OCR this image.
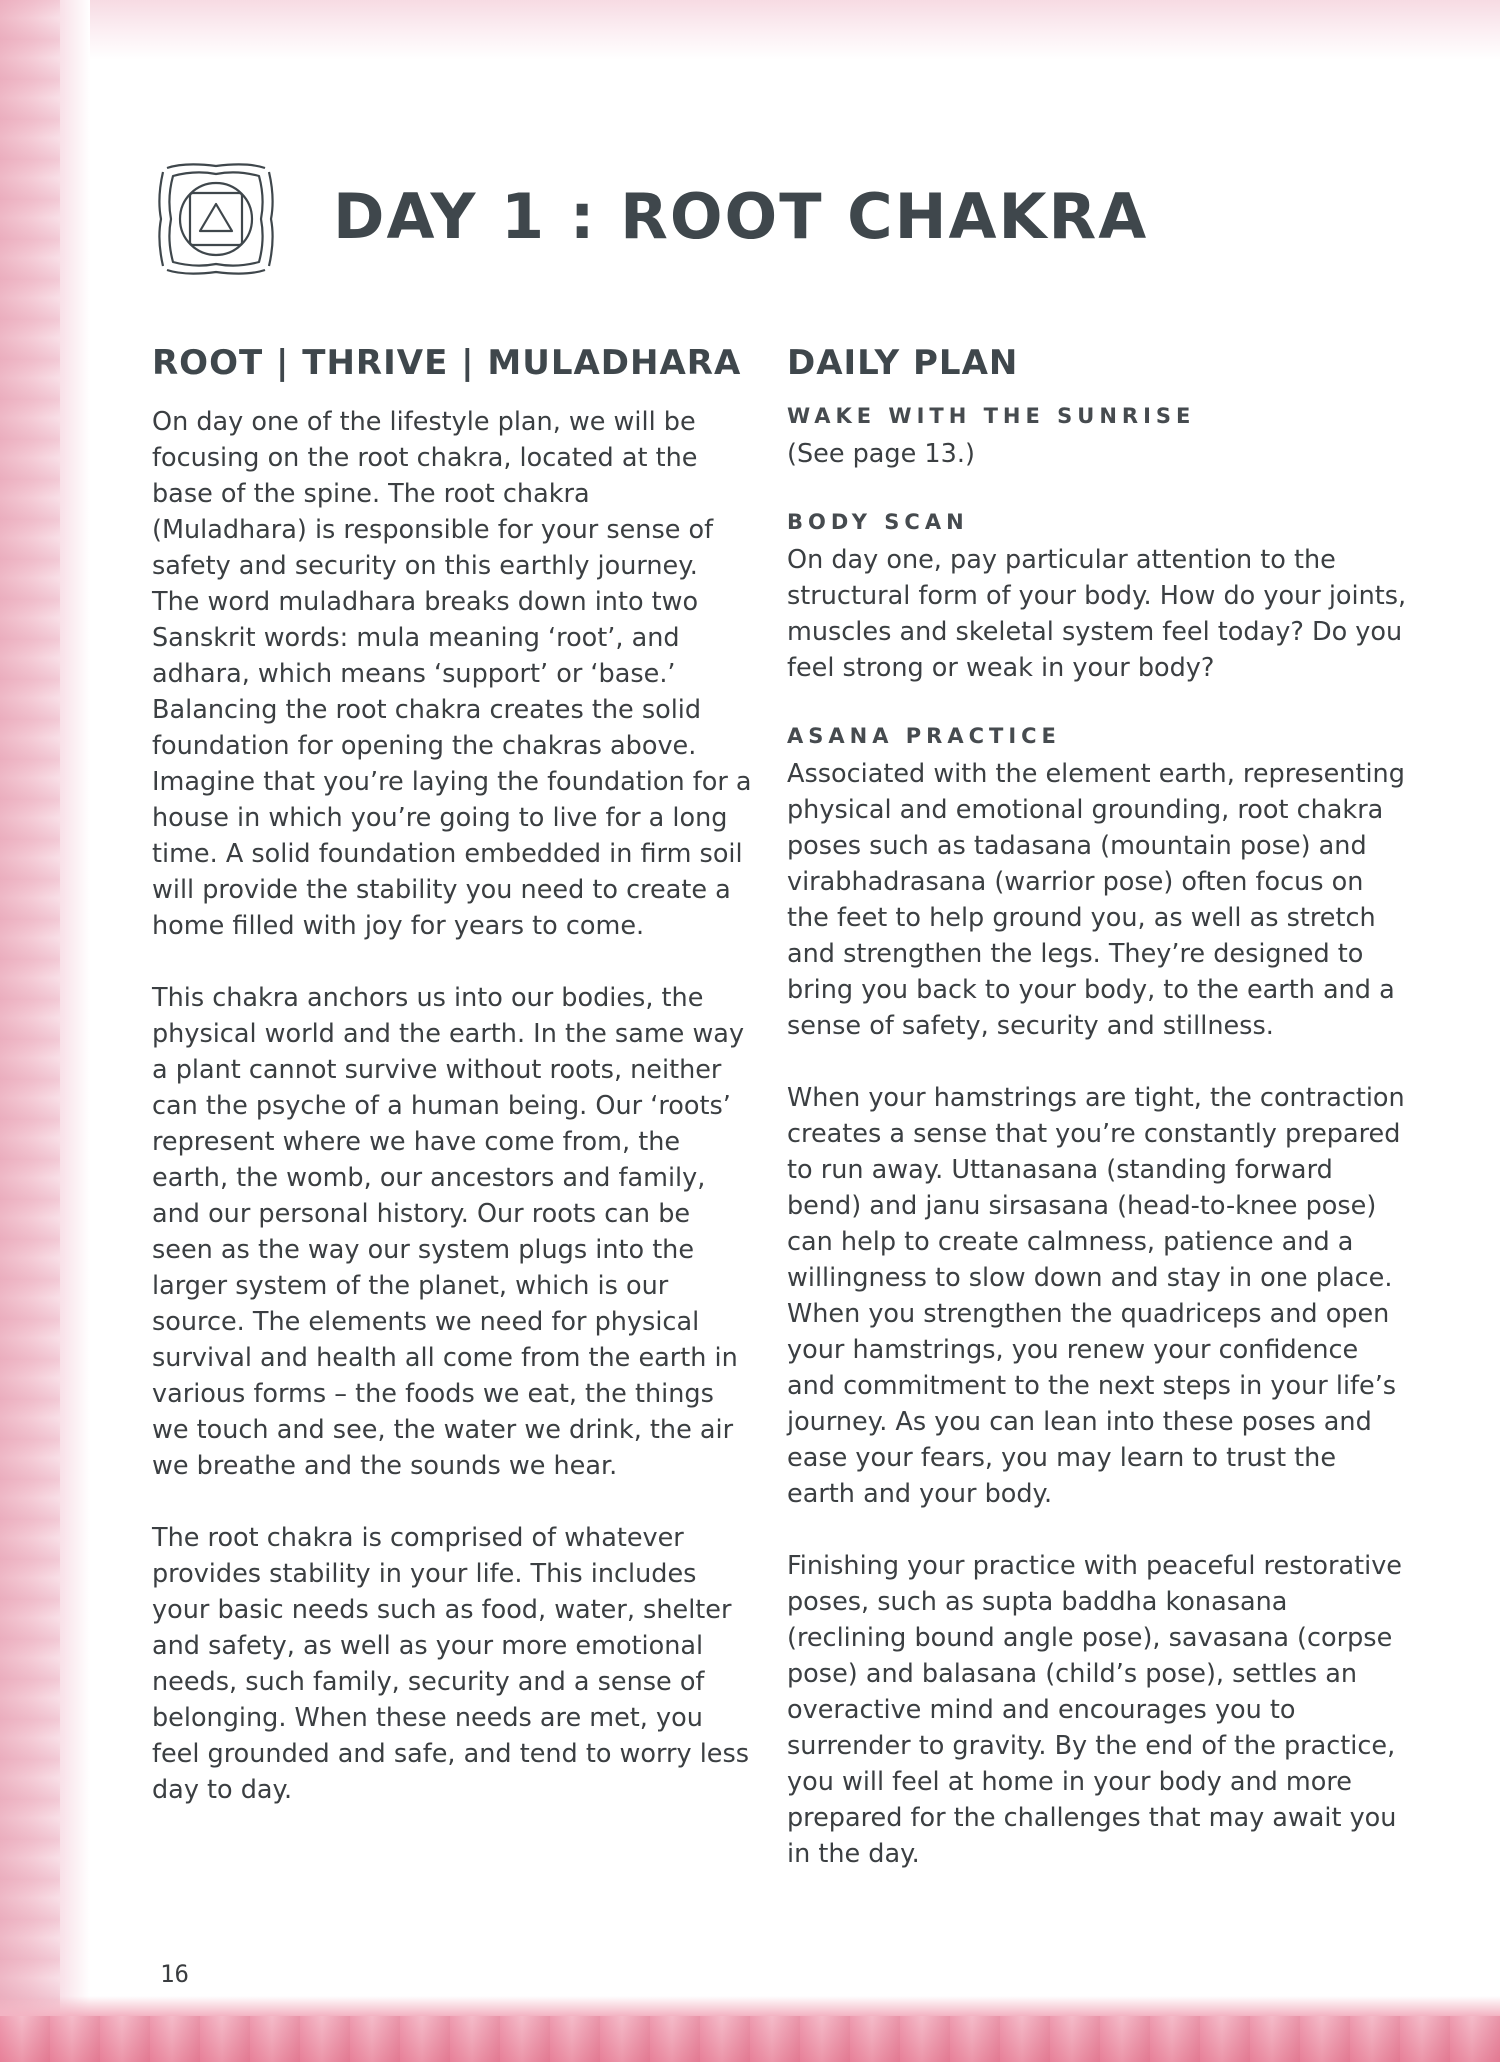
DAY 1 : ROOT CHAKRA
ROOT | THRIVE | MULADHARA

On day one of the lifestyle plan, we will be focusing on the root chakra, located at the base of the spine. The root chakra (Muladhara) is responsible for your sense of safety and security on this earthly journey. The word muladhara breaks down into two Sanskrit words: mula meaning ‘root’, and adhara, which means ‘support’ or ‘base.’ Balancing the root chakra creates the solid foundation for opening the chakras above. Imagine that you’re laying the foundation for a house in which you’re going to live for a long time. A solid foundation embedded in firm soil will provide the stability you need to create a home filled with joy for years to come.

This chakra anchors us into our bodies, the physical world and the earth. In the same way a plant cannot survive without roots, neither can the psyche of a human being. Our ‘roots’ represent where we have come from, the earth, the womb, our ancestors and family, and our personal history. Our roots can be seen as the way our system plugs into the larger system of the planet, which is our source. The elements we need for physical survival and health all come from the earth in various forms – the foods we eat, the things we touch and see, the water we drink, the air we breathe and the sounds we hear.

The root chakra is comprised of whatever provides stability in your life. This includes your basic needs such as food, water, shelter and safety, as well as your more emotional needs, such family, security and a sense of belonging. When these needs are met, you feel grounded and safe, and tend to worry less day to day.

DAILY PLAN
WAKE WITH THE SUNRISE

(See page 13.)

BODY SCAN

On day one, pay particular attention to the structural form of your body. How do your joints, muscles and skeletal system feel today? Do you feel strong or weak in your body?

ASANA PRACTICE

Associated with the element earth, representing physical and emotional grounding, root chakra poses such as tadasana (mountain pose) and virabhadrasana (warrior pose) often focus on the feet to help ground you, as well as stretch and strengthen the legs. They’re designed to bring you back to your body, to the earth and a sense of safety, security and stillness.

When your hamstrings are tight, the contraction creates a sense that you’re constantly prepared to run away. Uttanasana (standing forward bend) and janu sirsasana (head-to-knee pose) can help to create calmness, patience and a willingness to slow down and stay in one place. When you strengthen the quadriceps and open your hamstrings, you renew your confidence and commitment to the next steps in your life’s journey. As you can lean into these poses and ease your fears, you may learn to trust the earth and your body.

Finishing your practice with peaceful restorative poses, such as supta baddha konasana (reclining bound angle pose), savasana (corpse pose) and balasana (child’s pose), settles an overactive mind and encourages you to surrender to gravity. By the end of the practice, you will feel at home in your body and more prepared for the challenges that may await you in the day.

16
